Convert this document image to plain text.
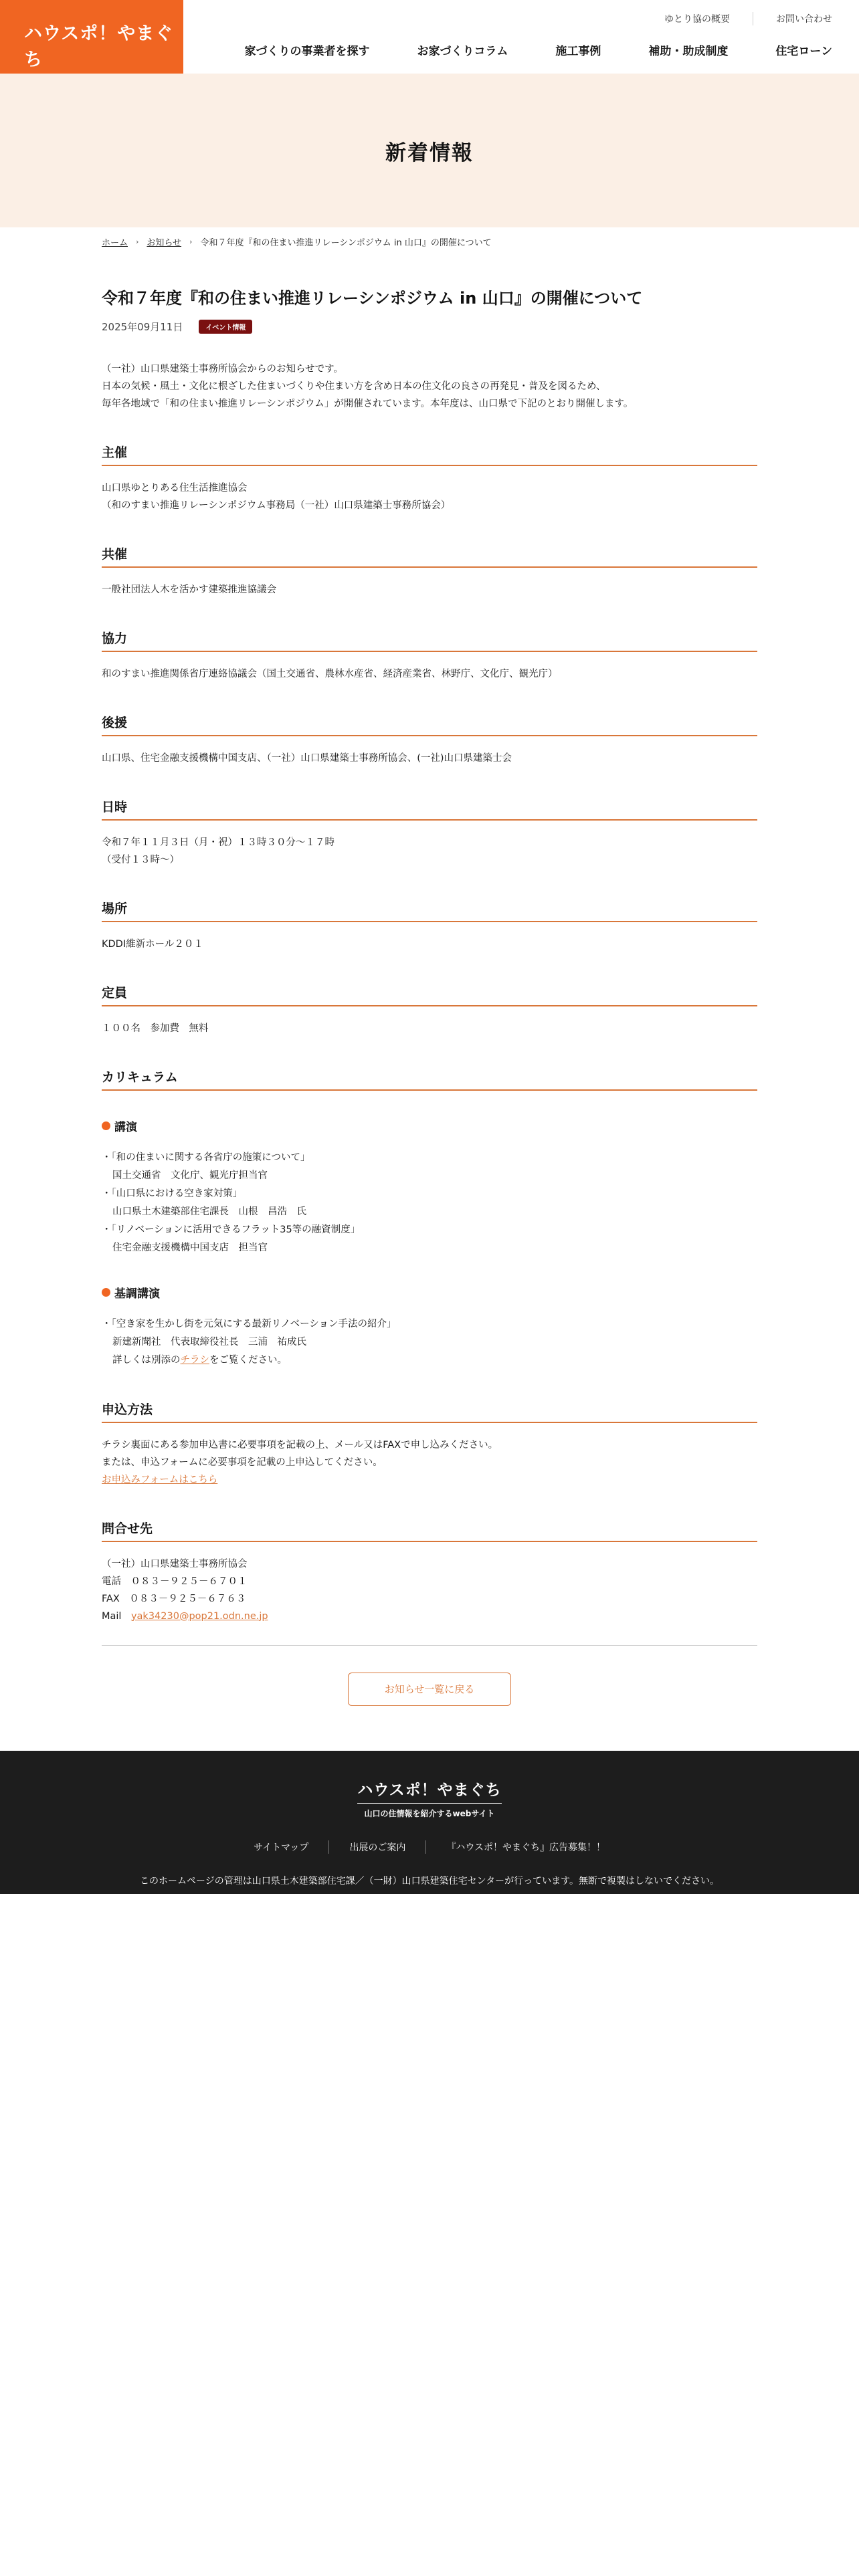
ハウスポ！やまぐち
ゆとり協の概要	お問い合わせ
家づくりの事業者を探す	お家づくりコラム	施工事例	補助・助成制度	住宅ローン
新着情報
ホーム › お知らせ › 令和７年度『和の住まい推進リレーシンポジウム in 山口』の開催について
令和７年度『和の住まい推進リレーシンポジウム in 山口』の開催について
2025年09月11日	イベント情報
（一社）山口県建築士事務所協会からのお知らせです。
日本の気候・風土・文化に根ざした住まいづくりや住まい方を含め日本の住文化の良さの再発見・普及を図るため、
毎年各地域で「和の住まい推進リレーシンポジウム」が開催されています。本年度は、山口県で下記のとおり開催します。
主催
山口県ゆとりある住生活推進協会
（和のすまい推進リレーシンポジウム事務局（一社）山口県建築士事務所協会）
共催
一般社団法人木を活かす建築推進協議会
協力
和のすまい推進関係省庁連絡協議会（国土交通省、農林水産省、経済産業省、林野庁、文化庁、観光庁）
後援
山口県、住宅金融支援機構中国支店、（一社）山口県建築士事務所協会、(一社)山口県建築士会
日時
令和７年１１月３日（月・祝）１３時３０分〜１７時
（受付１３時〜）
場所
KDDI維新ホール２０１
定員
１００名　参加費　無料
カリキュラム
講演
・「和の住まいに関する各省庁の施策について」
国土交通省　文化庁、観光庁担当官
・「山口県における空き家対策」
山口県土木建築部住宅課長　山根　昌浩　氏
・「リノベーションに活用できるフラット35等の融資制度」
住宅金融支援機構中国支店　担当官
基調講演
・「空き家を生かし街を元気にする最新リノベーション手法の紹介」
新建新聞社　代表取締役社長　三浦　祐成氏
詳しくは別添のチラシをご覧ください。
申込方法
チラシ裏面にある参加申込書に必要事項を記載の上、メール又はFAXで申し込みください。
または、申込フォームに必要事項を記載の上申込してください。
お申込みフォームはこちら
問合せ先
（一社）山口県建築士事務所協会
電話　 ０８３－９２５－６７０１
FAX　 ０８３－９２５－６７６３
Mail　 yak34230@pop21.odn.ne.jp
お知らせ一覧に戻る
ハウスポ！やまぐち
山口の住情報を紹介するwebサイト
サイトマップ	出展のご案内	『ハウスポ！やまぐち』広告募集！！
このホームページの管理は山口県土木建築部住宅課／（一財）山口県建築住宅センターが行っています。無断で複製はしないでください。
